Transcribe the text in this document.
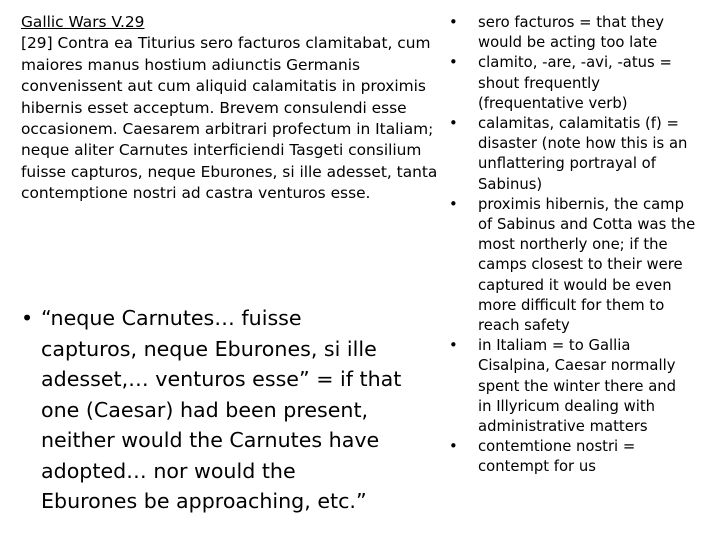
Gallic Wars V.29
[29] Contra ea Titurius sero facturos clamitabat, cum
maiores manus hostium adiunctis Germanis
convenissent aut cum aliquid calamitatis in proximis
hibernis esset acceptum. Brevem consulendi esse
occasionem. Caesarem arbitrari profectum in Italiam;
neque aliter Carnutes interficiendi Tasgeti consilium
fuisse capturos, neque Eburones, si ille adesset, tanta
contemptione nostri ad castra venturos esse.
• “neque Carnutes… fuisse
capturos, neque Eburones, si ille
adesset,… venturos esse” = if that
one (Caesar) had been present,
neither would the Carnutes have
adopted… nor would the
Eburones be approaching, etc.”
•	sero facturos = that they
would be acting too late
•	clamito, -are, -avi, -atus =
shout frequently
(frequentative verb)
•	calamitas, calamitatis (f) =
disaster (note how this is an
unflattering portrayal of
Sabinus)
•	proximis hibernis, the camp
of Sabinus and Cotta was the
most northerly one; if the
camps closest to their were
captured it would be even
more difficult for them to
reach safety
•	in Italiam = to Gallia
Cisalpina, Caesar normally
spent the winter there and
in Illyricum dealing with
administrative matters
•	contemtione nostri =
contempt for us
